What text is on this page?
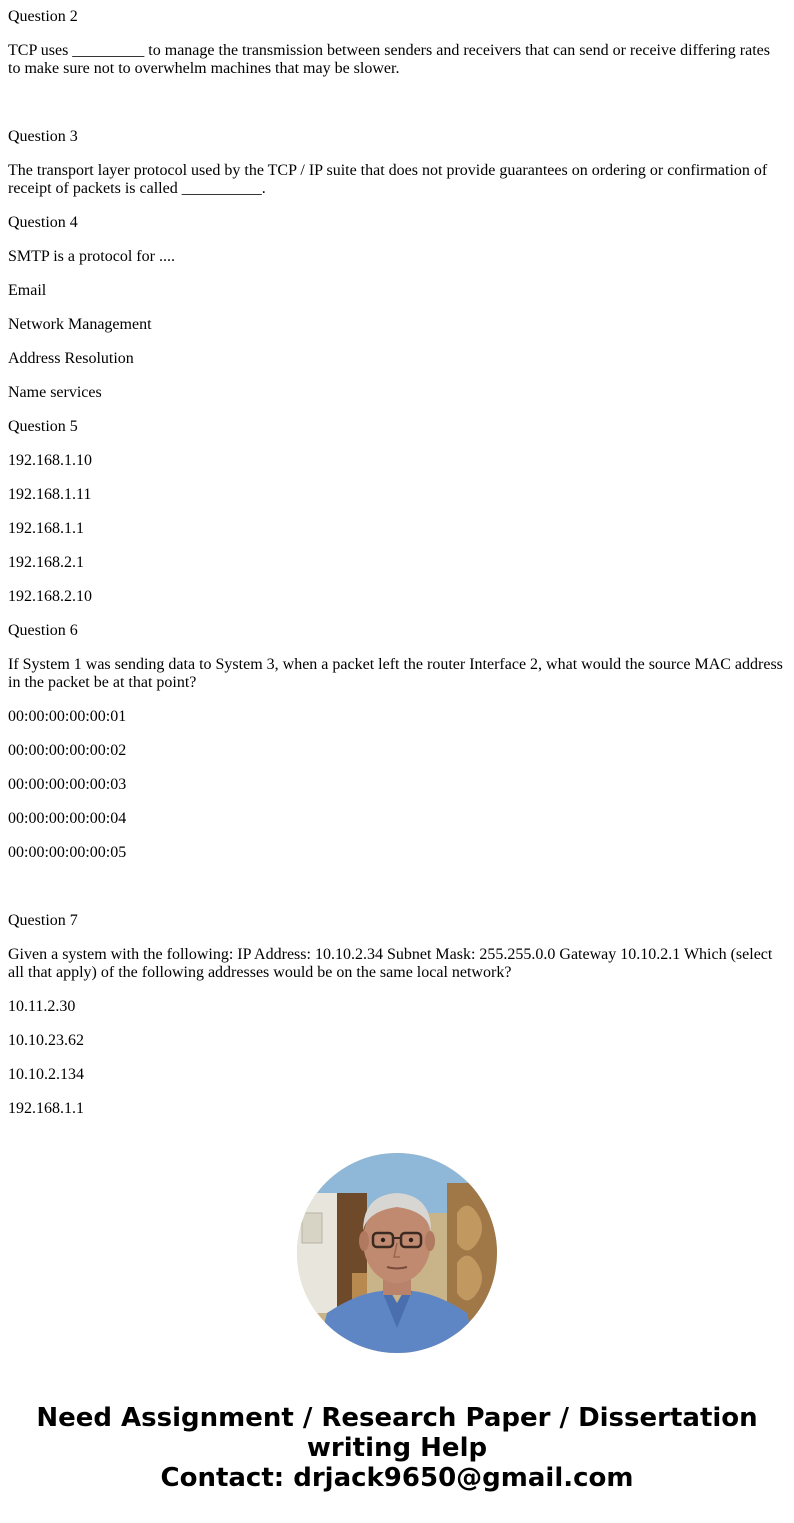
Question 2

TCP uses _________ to manage the transmission between senders and receivers that can send or receive differing rates to make sure not to overwhelm machines that may be slower.

Question 3

The transport layer protocol used by the TCP / IP suite that does not provide guarantees on ordering or confirmation of receipt of packets is called __________.

Question 4

SMTP is a protocol for ....

Email

Network Management

Address Resolution

Name services

Question 5

192.168.1.10

192.168.1.11

192.168.1.1

192.168.2.1

192.168.2.10

Question 6

If System 1 was sending data to System 3, when a packet left the router Interface 2, what would the source MAC address in the packet be at that point?

00:00:00:00:00:01

00:00:00:00:00:02

00:00:00:00:00:03

00:00:00:00:00:04

00:00:00:00:00:05

Question 7

Given a system with the following: IP Address: 10.10.2.34 Subnet Mask: 255.255.0.0 Gateway 10.10.2.1 Which (select all that apply) of the following addresses would be on the same local network?

10.11.2.30

10.10.23.62

10.10.2.134

192.168.1.1

Need Assignment / Research Paper / Dissertation
writing Help
Contact: drjack9650@gmail.com
